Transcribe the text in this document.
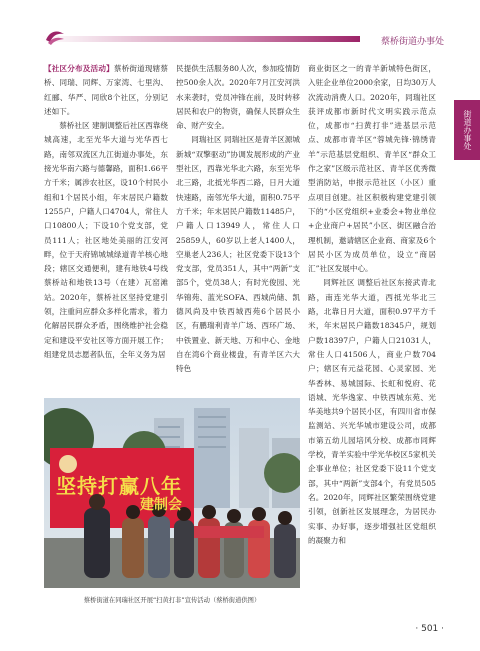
蔡桥街道办事处
街道办事处

【社区分布及活动】蔡桥街道现辖蔡桥、同瑞、同辉、万家湾、七里沟、红郦、华严、同欣8个社区，分别记述如下。

蔡桥社区 建制调整后社区西靠绕城高速，北至光华大道与光华西七路，南邻双流区九江街道办事处，东接光华南六路与德馨路，面积1.66平方千米；属涉农社区，设10个村民小组和1个居民小组，年末居民户籍数1255户，户籍人口4704人，常住人口10800人；下设10个党支部，党员111人；社区地处美丽的江安河畔，位于天府锦城城绿道青羊核心地段；辖区交通便利，建有地铁4号线蔡桥站和地铁13号（在建）瓦窑滩站。2020年，蔡桥社区坚持党建引领，注重问应群众多样化需求，着力化解居民群众矛盾，围绕维护社会稳定和建设平安社区等方面开展工作；组建党员志愿者队伍，全年义务为居

民提供生活服务80人次，参加疫情防控500余人次。2020年7月江安河洪水来袭时，党员冲锋在前，及时转移居民和农户的物资，确保人民群众生命、财产安全。

同瑞社区 同瑞社区是青羊区源城新城“双擎驱动”协调发展形成的产业型社区，西靠光华北六路，东至光华北三路，北抵光华西二路，日月大道快速路，南邻光华大道，面积0.75平方千米；年末居民户籍数11485户，户籍人口13949人，常住人口25859人，60岁以上老人1400人，空巢老人236人；社区党委下设13个党支部，党员351人，其中“两新”支部5个，党员38人；有时光俊园、光华锦苑、蓝光SOFA、西城尚储、凯德风尚及中铁西城西苑6个居民小区，有鹏瑞利青羊广场、西环广场、中铁置业、新天地、万和中心、金地自在湾6个商业楼盘，有青羊区六大特色

商业街区之一的青羊新城特色街区，入驻企业单位2000余家，日均30万人次流动消费人口。2020年，同瑞社区获评成都市新时代文明实践示范点位，成都市“扫黄打非”进基层示范点、成都市青羊区“蓉城先锋·锦绣青羊”示范基层党组织、青羊区“群众工作之家”区级示范社区、青羊区优秀微型消防站，申报示范社区（小区）重点项目创建。社区积极构建党建引领下的“小区党组织+业委会+物业单位+企业商户+居民”小区、街区融合治理机制，邀请辖区企业商、商家及6个居民小区为成员单位，设立“商居汇”社区发展中心。

同辉社区 调整后社区东接武青北路，南连光华大道，西抵光华北三路，北靠日月大道，面积0.97平方千米，年末居民户籍数18345户，规划户数18397户，户籍人口21031人，常住人口41506人，商业户数704户；辖区有元益花园、心灵家园、光华香林、易城国际、长虹和悦府、花语城、光华逸家、中铁西城东苑、光华美地共9个居民小区，有四川省市保监测站、兴光华城市建设公司，成都市第五幼儿园培风分校、成都市同辉学校，青羊实验中学光华校区5家机关企事业单位；社区党委下设11个党支部，其中“两新”支部4个，有党员505名。2020年，同辉社区繁荣围绕党建引领，创新社区发展理念，为居民办实事、办好事，逐步增强社区党组织的凝聚力和

坚持打赢八年
建制会
蔡桥街道在同瑞社区开展“扫黄打非”宣传活动（蔡桥街道供图）
· 501 ·
